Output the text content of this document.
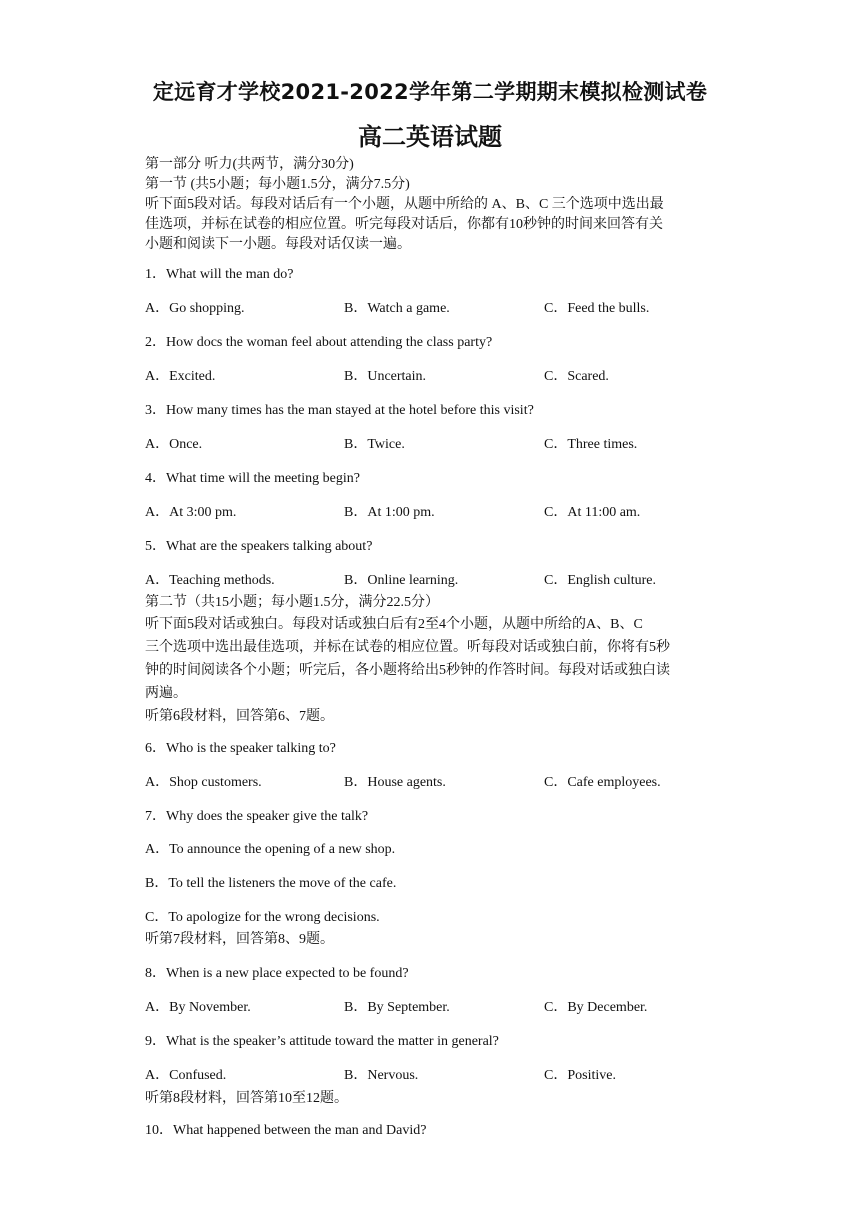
定远育才学校2021-2022学年第二学期期末模拟检测试卷
高二英语试题
第一部分 听力(共两节，满分30分)
第一节 (共5小题；每小题1.5分，满分7.5分)
听下面5段对话。每段对话后有一个小题，从题中所给的 A、B、C 三个选项中选出最
佳选项，并标在试卷的相应位置。听完每段对话后，你都有10秒钟的时间来回答有关
小题和阅读下一小题。每段对话仅读一遍。
1．What will the man do?
A．Go shopping.	B．Watch a game.	C．Feed the bulls.
2．How docs the woman feel about attending the class party?
A．Excited.	B．Uncertain.	C．Scared.
3．How many times has the man stayed at the hotel before this visit?
A．Once.	B．Twice.	C．Three times.
4．What time will the meeting begin?
A．At 3:00 pm.	B．At 1:00 pm.	C．At 11:00 am.
5．What are the speakers talking about?
A．Teaching methods.	B．Online learning.	C．English culture.
第二节（共15小题；每小题1.5分，满分22.5分）
听下面5段对话或独白。每段对话或独白后有2至4个小题，从题中所给的A、B、C
三个选项中选出最佳选项，并标在试卷的相应位置。听每段对话或独白前，你将有5秒
钟的时间阅读各个小题；听完后，各小题将给出5秒钟的作答时间。每段对话或独白读
两遍。
听第6段材料，回答第6、7题。
6．Who is the speaker talking to?
A．Shop customers.	B．House agents.	C．Cafe employees.
7．Why does the speaker give the talk?
A．To announce the opening of a new shop.
B．To tell the listeners the move of the cafe.
C．To apologize for the wrong decisions.
听第7段材料，回答第8、9题。
8．When is a new place expected to be found?
A．By November.	B．By September.	C．By December.
9．What is the speaker’s attitude toward the matter in general?
A．Confused.	B．Nervous.	C．Positive.
听第8段材料，回答第10至12题。
10．What happened between the man and David?
